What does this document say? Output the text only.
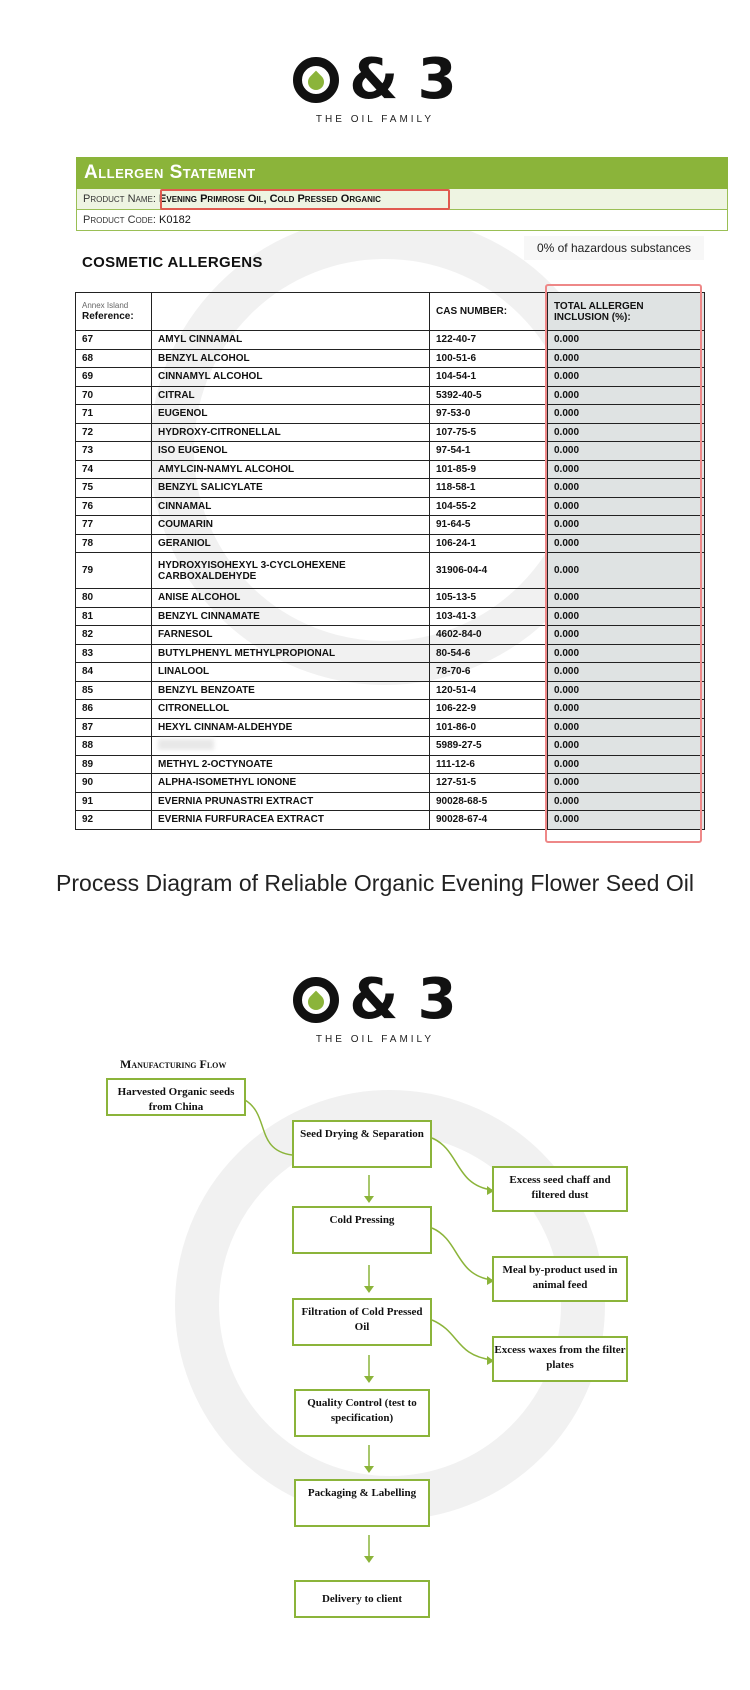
& 3
THE OIL FAMILY
Allergen Statement
Product Name: Evening Primrose Oil, Cold Pressed Organic
Product Code: K0182
0% of hazardous substances
COSMETIC ALLERGENS
Annex Island
Reference:		CAS NUMBER:	TOTAL ALLERGEN INCLUSION (%):
67	AMYL CINNAMAL	122-40-7	0.000
68	BENZYL ALCOHOL	100-51-6	0.000
69	CINNAMYL ALCOHOL	104-54-1	0.000
70	CITRAL	5392-40-5	0.000
71	EUGENOL	97-53-0	0.000
72	HYDROXY-CITRONELLAL	107-75-5	0.000
73	ISO EUGENOL	97-54-1	0.000
74	AMYLCIN-NAMYL ALCOHOL	101-85-9	0.000
75	BENZYL SALICYLATE	118-58-1	0.000
76	CINNAMAL	104-55-2	0.000
77	COUMARIN	91-64-5	0.000
78	GERANIOL	106-24-1	0.000
79	HYDROXYISOHEXYL 3-CYCLOHEXENE CARBOXALDEHYDE	31906-04-4	0.000
80	ANISE ALCOHOL	105-13-5	0.000
81	BENZYL CINNAMATE	103-41-3	0.000
82	FARNESOL	4602-84-0	0.000
83	BUTYLPHENYL METHYLPROPIONAL	80-54-6	0.000
84	LINALOOL	78-70-6	0.000
85	BENZYL BENZOATE	120-51-4	0.000
86	CITRONELLOL	106-22-9	0.000
87	HEXYL CINNAM-ALDEHYDE	101-86-0	0.000
88		5989-27-5	0.000
89	METHYL 2-OCTYNOATE	111-12-6	0.000
90	ALPHA-ISOMETHYL IONONE	127-51-5	0.000
91	EVERNIA PRUNASTRI EXTRACT	90028-68-5	0.000
92	EVERNIA FURFURACEA EXTRACT	90028-67-4	0.000
Process Diagram of Reliable Organic Evening Flower Seed Oil
& 3
THE OIL FAMILY
Manufacturing Flow
Harvested Organic seeds from China
Seed Drying & Separation
Cold Pressing
Filtration of Cold Pressed Oil
Quality Control (test to specification)
Packaging & Labelling
Delivery to client
Excess seed chaff and filtered dust
Meal by-product used in animal feed
Excess waxes from the filter plates
